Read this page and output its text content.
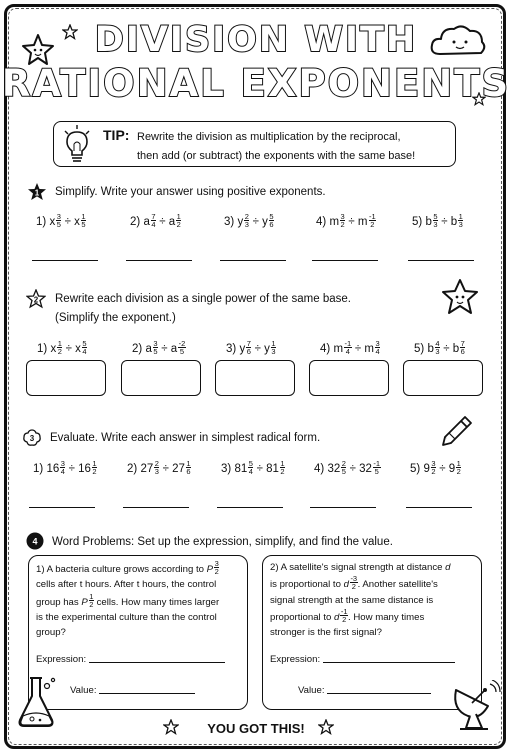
DIVISION WITH
RATIONAL EXPONENTS
TIP: Rewrite the division as multiplication by the reciprocal,
then add (or subtract) the exponents with the same base!
1 Simplify. Write your answer using positive exponents.
1) x $\frac{3}{5} \div x \frac{1}{5}$	2) a $\frac{7}{4} \div a \frac{1}{2}$	3) y $\frac{2}{3} \div y \frac{5}{6}$	4) m $\frac{3}{2} \div m \frac{-1}{2}$	5) b $\frac{5}{3} \div b \frac{1}{3}$
2 Rewrite each division as a single power of the same base.
(Simplify the exponent.)
1) x $\frac{1}{2} \div x \frac{5}{4}$	2) a $\frac{3}{5} \div a \frac{-2}{5}$	3) y $\frac{7}{6} \div y \frac{1}{3}$	4) m $\frac{-1}{4} \div m \frac{3}{4}$	5) b $\frac{4}{3} \div b \frac{7}{6}$
3 Evaluate. Write each answer in simplest radical form.
1) $16 \frac{3}{4} \div 16 \frac{1}{2}$	2) $27 \frac{2}{3} \div 27 \frac{1}{6}$	3) $81 \frac{5}{4} \div 81 \frac{1}{2}$	4) $32 \frac{2}{5} \div 32 \frac{-1}{5}$	5) $9 \frac{3}{2} \div 9 \frac{1}{2}$
4 Word Problems: Set up the expression, simplify, and find the value.
1) A bacteria culture grows according to P $\frac{3}{2}$
cells after t hours. After t hours, the control
group has P $\frac{1}{2}$ cells. How many times larger
is the experimental culture than the control
group?
Expression:
Value:
2) A satellite's signal strength at distance d
is proportional to d $\frac{-3}{2}$ . Another satellite's
signal strength at the same distance is
proportional to d $\frac{-1}{2}$ . How many times
stronger is the first signal?
Expression:
Value:
YOU GOT THIS!
